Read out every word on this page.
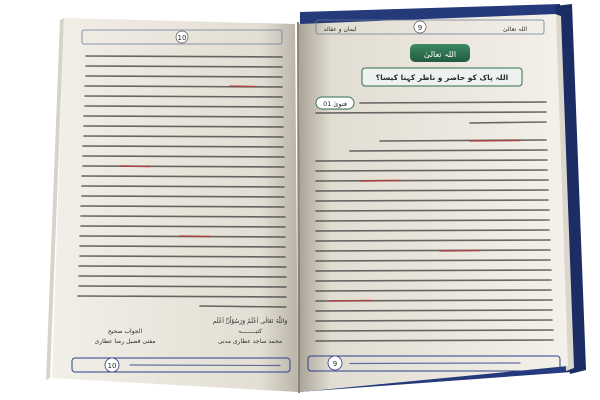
10
وَاللّٰہُ تَعَالٰی اَعْلَمُ وَرَسُوْلُہٗ اَعْلَم
کتبــــــــہ
محمد ساجد عطاری مدنی
الجواب صحیح
مفتی فضیل رضا عطاری
10
9
ایمان و عقائد	اللہ تعالیٰ
اللہ تعالیٰ
اللہ پاک کو حاضر و ناظر کہنا کیسا؟
فتویٰ 01
9
